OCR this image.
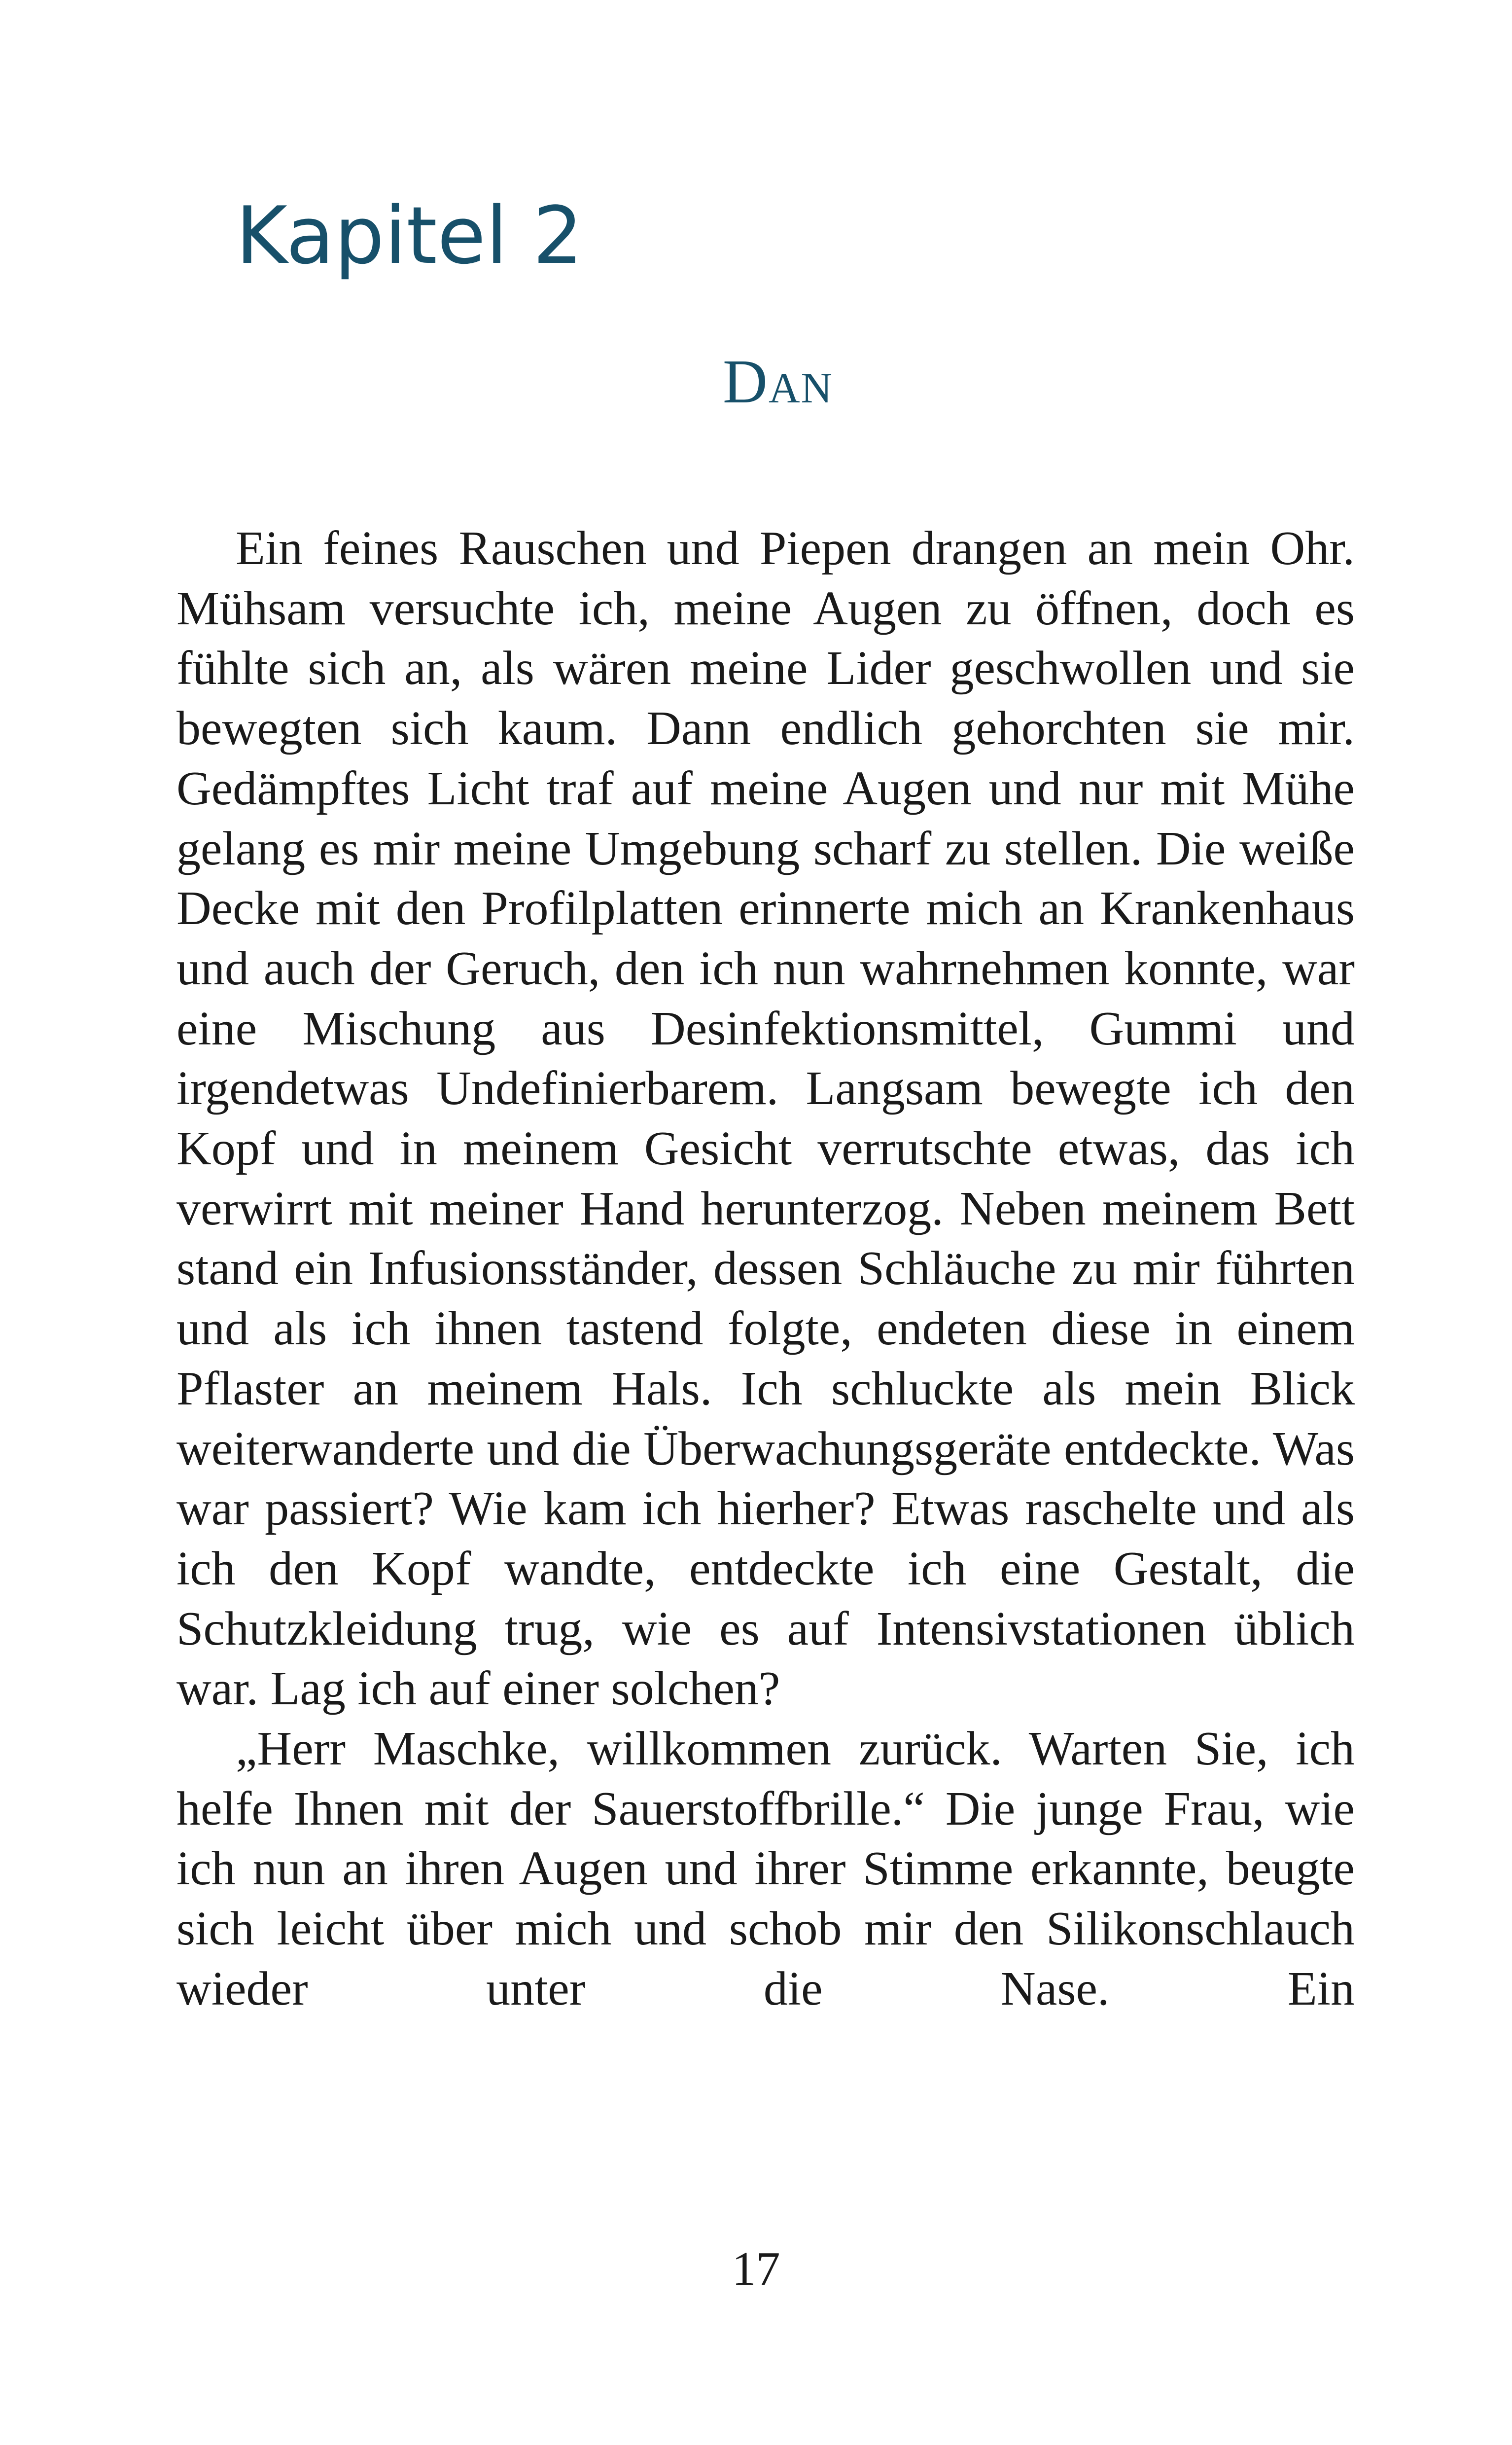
Kapitel 2
Dan

Ein feines Rauschen und Piepen drangen an mein Ohr. Mühsam versuchte ich, meine Augen zu öffnen, doch es fühlte sich an, als wären meine Lider geschwollen und sie bewegten sich kaum. Dann endlich gehorchten sie mir. Gedämpftes Licht traf auf meine Augen und nur mit Mühe gelang es mir meine Umgebung scharf zu stellen. Die weiße Decke mit den Profilplatten erinnerte mich an Krankenhaus und auch der Geruch, den ich nun wahrnehmen konnte, war eine Mischung aus Desinfektionsmittel, Gummi und irgendetwas Undefinierbarem. Langsam bewegte ich den Kopf und in meinem Gesicht verrutschte etwas, das ich verwirrt mit meiner Hand herunterzog. Neben meinem Bett stand ein Infusionsständer, dessen Schläuche zu mir führten und als ich ihnen tastend folgte, endeten diese in einem Pflaster an meinem Hals. Ich schluckte als mein Blick weiterwanderte und die Überwachungsgeräte entdeckte. Was war passiert? Wie kam ich hierher? Etwas raschelte und als ich den Kopf wandte, entdeckte ich eine Gestalt, die Schutzkleidung trug, wie es auf Intensivstationen üblich war. Lag ich auf einer solchen?

„Herr Maschke, willkommen zurück. Warten Sie, ich helfe Ihnen mit der Sauerstoffbrille.“ Die junge Frau, wie ich nun an ihren Augen und ihrer Stimme erkannte, beugte sich leicht über mich und schob mir den Silikonschlauch wieder unter die Nase. Ein

17
